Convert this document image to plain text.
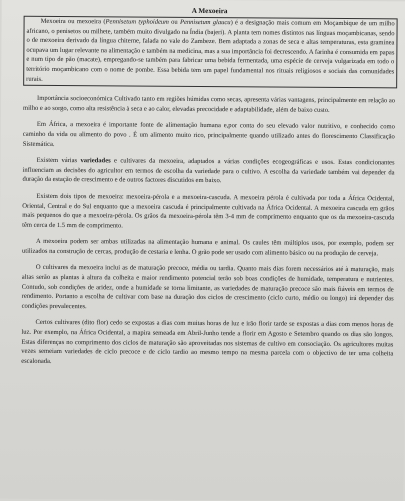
A Mexoeira

Mexoeira ou mexoeira (Pennisetum typhoideum ou Pennisetum glaucu) é a designação mais comum em Moçambique de um milho africano, o penisetos ou milhete, também muito divulgado na Índia (bajeri). A planta tem nomes distintos nas línguas moçambicanas, sendo o de mexoeira derivado da língua chiterne, falada no vale do Zambeze. Bem adaptada a zonas de seca e altas temperaturas, esta gramínea ocupava um lugar relevante na alimentação e também na medicina, mas a sua importância foi decrescendo. A farinha é consumida em papas e num tipo de pão (macate), empregando-se também para fabricar uma bebida fermentada, uma espécie de cerveja vulgarizada em todo o território moçambicano com o nome de pombe. Essa bebida tem um papel fundamental nos rituais religiosos e sociais das comunidades rurais.

Importância socioeconómica Cultivado tanto em regiões húmidas como secas, apresenta várias vantagens, principalmente em relação ao milho e ao sorgo, como alta resistência à seca e ao calor, elevadas precocidade e adaptabilidade, além de baixo custo.

Em África, a mexoeira é importante fonte de alimentação humana e,por conta do seu elevado valor nutritivo, e conhecido como caminho da vida ou alimento do povo . É um alimento muito rico, principalmente quando utilizado antes do florescimento Classificação Sistemática.

Existem várias variedades e cultivares da mexoeira, adaptados a várias condições ecogeográficas e usos. Estas condicionantes influenciam as decisões do agricultor em termos de escolha da variedade para o cultivo. A escolha da variedade também vai depender da duração da estação de crescimento e de outros factores discutidos em baixo.

Existem dois tipos de mexoeira: mexoeira-pérola e a mexoeira-cascuda. A mexoeira pérola é cultivada por toda a África Ocidental, Oriental, Central e do Sul enquanto que a mexoeira cascuda é principalmente cultivada na África Ocidental. A mexoeira cascuda em grãos mais pequenos do que a mexoeira-pérola. Os grãos da mexoeira-pérola têm 3-4 mm de comprimento enquanto que os da mexoeira-cascuda têm cerca de 1.5 mm de comprimento.

A mexoeira podem ser ambas utilizadas na alimentação humana e animal. Os caules têm múltiplos usos, por exemplo, podem ser utilizados na construção de cercas, produção de cestaria e lenha. O grão pode ser usado com alimento básico ou na produção de cerveja.

O cultivares da mexoeira inclui as de maturação precoce, média ou tardia. Quanto mais dias forem necessários até à maturação, mais altas serão as plantas à altura da colheita e maior rendimento potencial terão sob boas condições de humidade, temperatura e nutrientes. Contudo, sob condições de aridez, onde a humidade se torna limitante, as variedades de maturação precoce são mais fiáveis em termos de rendimento. Portanto a escolha de cultivar com base na duração dos ciclos de crescimento (ciclo curto, médio ou longo) irá depender das condições prevalecentes.

Certos cultivares (dito flor) cedo se expostas a dias com muitas horas de luz e irão florir tarde se expostas a dias com menos horas de luz. Por exemplo, na África Ocidental, a mapira semeada em Abril-Junho tende a florir em Agosto e Setembro quando os dias são longos. Estas diferenças no comprimento dos ciclos de maturação são aproveitadas nos sistemas de cultivo em consociação. Os agricultores muitas vezes semeiam variedades de ciclo precoce e de ciclo tardio ao mesmo tempo na mesma parcela com o objectivo de ter uma colheita escalonada.
